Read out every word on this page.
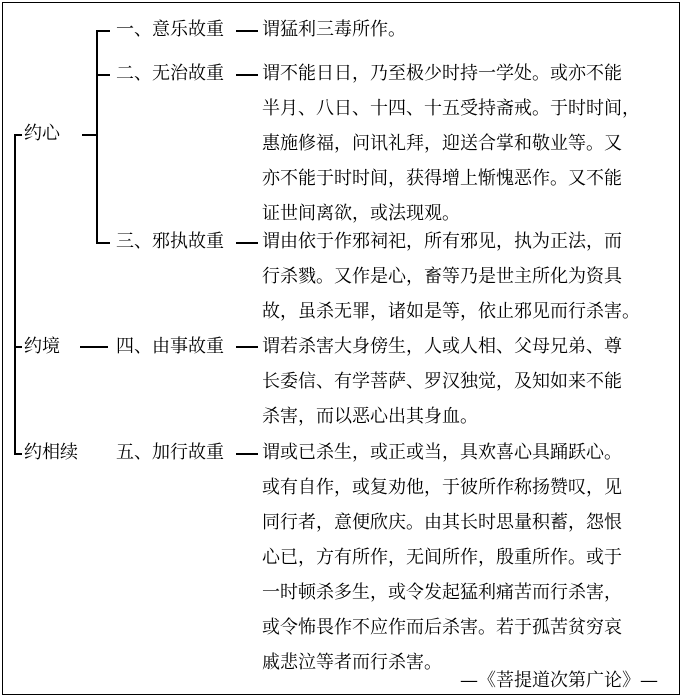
约心
约境
约相续
一、意乐故重
二、无治故重
三、邪执故重
四、由事故重
五、加行故重
谓猛利三毒所作。
谓不能日日，乃至极少时持一学处。或亦不能
半月、八日、十四、十五受持斋戒。于时时间，
惠施修福，问讯礼拜，迎送合掌和敬业等。又
亦不能于时时间，获得增上惭愧恶作。又不能
证世间离欲，或法现观。
谓由依于作邪祠祀，所有邪见，执为正法，而
行杀戮。又作是心，畜等乃是世主所化为资具
故，虽杀无罪，诸如是等，依止邪见而行杀害。
谓若杀害大身傍生，人或人相、父母兄弟、尊
长委信、有学菩萨、罗汉独觉，及知如来不能
杀害，而以恶心出其身血。
谓或已杀生，或正或当，具欢喜心具踊跃心。
或有自作，或复劝他，于彼所作称扬赞叹，见
同行者，意便欣庆。由其长时思量积蓄，怨恨
心已，方有所作，无间所作，殷重所作。或于
一时顿杀多生，或令发起猛利痛苦而行杀害，
或令怖畏作不应作而后杀害。若于孤苦贫穷哀
戚悲泣等者而行杀害。
—《菩提道次第广论》—
